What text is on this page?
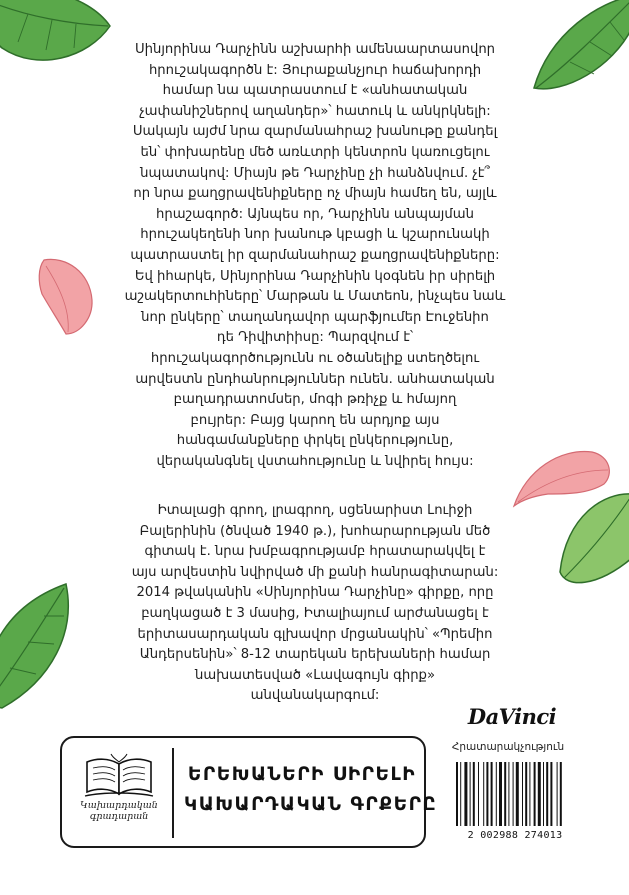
Սինյորինա Դարչինն աշխարհի ամենաարտասովոր
հրուշակագործն է: Յուրաքանչյուր հաճախորդի
համար նա պատրաստում է «անհատական
չափանիշներով աղանդեր»՝ հատուկ և անկրկնելի:
Սակայն այժմ նրա զարմանահրաշ խանութը քանդել
են՝ փոխարենը մեծ առևտրի կենտրոն կառուցելու
նպատակով: Միայն թե Դարչինը չի հանձնվում. չէ՞
որ նրա քաղցրավենիքները ոչ միայն համեղ են, այլև
հրաշագործ: Այնպես որ, Դարչինն անպայման
հրուշակեղենի նոր խանութ կբացի և կշարունակի
պատրաստել իր զարմանահրաշ քաղցրավենիքները:
Եվ իհարկե, Սինյորինա Դարչինին կօգնեն իր սիրելի
աշակերտուհիները՝ Մարթան և Մատեոն, ինչպես նաև
նոր ընկերը՝ տաղանդավոր պարֆյումեր Էուջենիո
դե Դիվիտիիսը: Պարզվում է՝
հրուշակագործությունն ու օծանելիք ստեղծելու
արվեստն ընդհանրություններ ունեն. անհատական
բաղադրատոմսեր, մոգի թռիչք և հմայող
բույրեր: Բայց կարող են արդյոք այս
հանգամանքները փրկել ընկերությունը,
վերականգնել վստահությունը և նվիրել հույս:
Իտալացի գրող, լրագրող, սցենարիստ Լուիջի
Բալերինին (ծնված 1940 թ.), խոհարարության մեծ
գիտակ է. նրա խմբագրությամբ հրատարակվել է
այս արվեստին նվիրված մի քանի հանրագիտարան:
2014 թվականին «Սինյորինա Դարչինը» գիրքը, որը
բաղկացած է 3 մասից, Իտալիայում արժանացել է
երիտասարդական գլխավոր մրցանակին՝ «Պրեմիո
Անդերսենին»՝ 8-12 տարեկան երեխաների համար
նախատեսված «Լավագույն գիրք»
անվանակարգում:
Կախարդական
գրադարան
ԵՐԵԽԱՆԵՐԻ ՍԻՐԵԼԻ
ԿԱԽԱՐԴԱԿԱՆ ԳՐՔԵՐԸ
DaVinci
Հրատարակչություն
2 002988 274013
